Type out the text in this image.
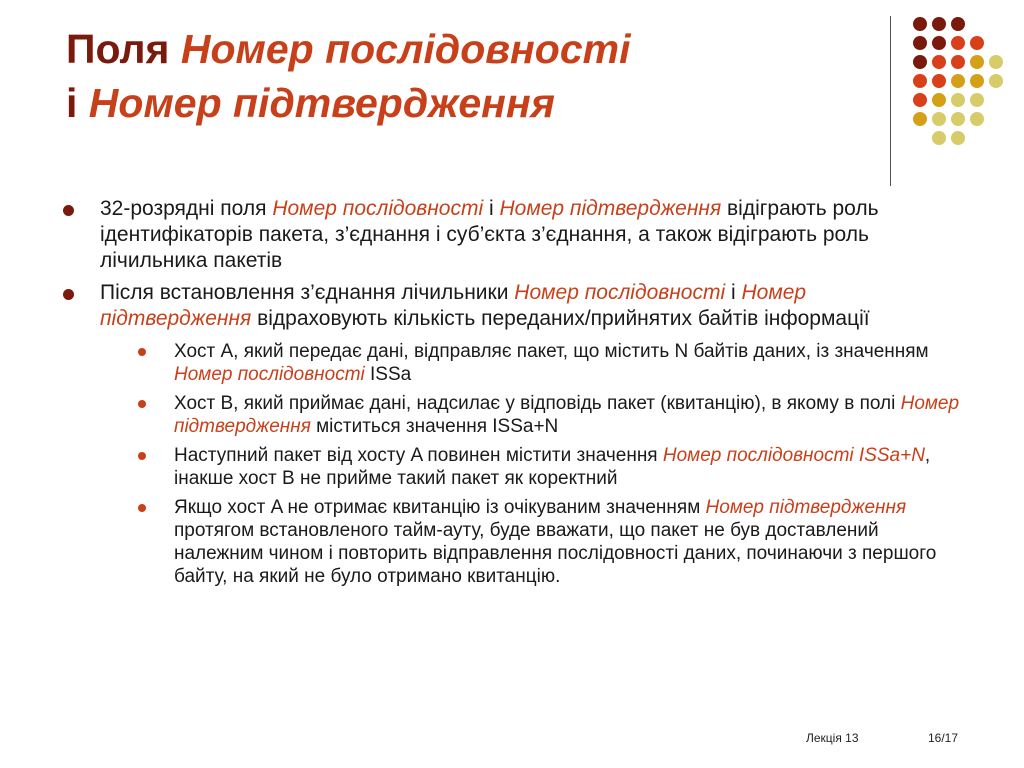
Поля Номер послідовності
і Номер підтвердження
32-розрядні поля Номер послідовності і Номер підтвердження відіграють роль ідентифікаторів пакета, з’єднання і суб’єкта з’єднання, а також відіграють роль лічильника пакетів
Після встановлення з’єднання лічильники Номер послідовності і Номер підтвердження відраховують кількість переданих/прийнятих байтів інформації
Хост A, який передає дані, відправляє пакет, що містить N байтів даних, із значенням Номер послідовності ISSa
Хост B, який приймає дані, надсилає у відповідь пакет (квитанцію), в якому в полі Номер підтвердження міститься значення ISSa+N
Наступний пакет від хосту A повинен містити значення Номер послідовності ISSa+N, інакше хост B не прийме такий пакет як коректний
Якщо хост A не отримає квитанцію із очікуваним значенням Номер підтвердження протягом встановленого тайм-ауту, буде вважати, що пакет не був доставлений належним чином і повторить відправлення послідовності даних, починаючи з першого байту, на який не було отримано квитанцію.
Лекція 13	16/17
